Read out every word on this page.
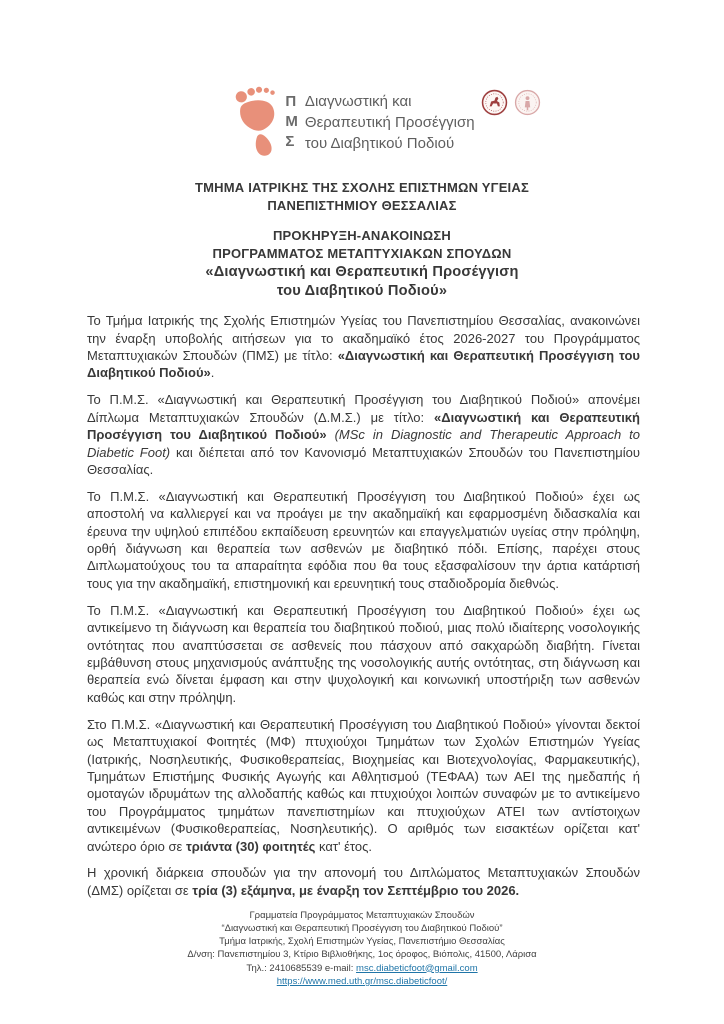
Π
Μ
Σ
Διαγνωστική και
Θεραπευτική Προσέγγιση
του Διαβητικού Ποδιού
ΤΜΗΜΑ ΙΑΤΡΙΚΗΣ ΤΗΣ ΣΧΟΛΗΣ ΕΠΙΣΤΗΜΩΝ ΥΓΕΙΑΣ
ΠΑΝΕΠΙΣΤΗΜΙΟΥ ΘΕΣΣΑΛΙΑΣ
ΠΡΟΚΗΡΥΞΗ-ΑΝΑΚΟΙΝΩΣΗ
ΠΡΟΓΡΑΜΜΑΤΟΣ ΜΕΤΑΠΤΥΧΙΑΚΩΝ ΣΠΟΥΔΩΝ
«Διαγνωστική και Θεραπευτική Προσέγγιση
του Διαβητικού Ποδιού»

Το Τμήμα Ιατρικής της Σχολής Επιστημών Υγείας του Πανεπιστημίου Θεσσαλίας, ανακοινώνει την έναρξη υποβολής αιτήσεων για το ακαδημαϊκό έτος 2026-2027 του Προγράμματος Μεταπτυχιακών Σπουδών (ΠΜΣ) με τίτλο: «Διαγνωστική και Θεραπευτική Προσέγγιση του Διαβητικού Ποδιού».

Το Π.Μ.Σ. «Διαγνωστική και Θεραπευτική Προσέγγιση του Διαβητικού Ποδιού» απονέμει Δίπλωμα Μεταπτυχιακών Σπουδών (Δ.Μ.Σ.) με τίτλο: «Διαγνωστική και Θεραπευτική Προσέγγιση του Διαβητικού Ποδιού» (MSc in Diagnostic and Therapeutic Approach to Diabetic Foot) και διέπεται από τον Κανονισμό Μεταπτυχιακών Σπουδών του Πανεπιστημίου Θεσσαλίας.

Το Π.Μ.Σ. «Διαγνωστική και Θεραπευτική Προσέγγιση του Διαβητικού Ποδιού» έχει ως αποστολή να καλλιεργεί και να προάγει με την ακαδημαϊκή και εφαρμοσμένη διδασκαλία και έρευνα την υψηλού επιπέδου εκπαίδευση ερευνητών και επαγγελματιών υγείας στην πρόληψη, ορθή διάγνωση και θεραπεία των ασθενών με διαβητικό πόδι. Επίσης, παρέχει στους Διπλωματούχους του τα απαραίτητα εφόδια που θα τους εξασφαλίσουν την άρτια κατάρτισή τους για την ακαδημαϊκή, επιστημονική και ερευνητική τους σταδιοδρομία διεθνώς.

Το Π.Μ.Σ. «Διαγνωστική και Θεραπευτική Προσέγγιση του Διαβητικού Ποδιού» έχει ως αντικείμενο τη διάγνωση και θεραπεία του διαβητικού ποδιού, μιας πολύ ιδιαίτερης νοσολογικής οντότητας που αναπτύσσεται σε ασθενείς που πάσχουν από σακχαρώδη διαβήτη. Γίνεται εμβάθυνση στους μηχανισμούς ανάπτυξης της νοσολογικής αυτής οντότητας, στη διάγνωση και θεραπεία ενώ δίνεται έμφαση και στην ψυχολογική και κοινωνική υποστήριξη των ασθενών καθώς και στην πρόληψη.

Στο Π.Μ.Σ. «Διαγνωστική και Θεραπευτική Προσέγγιση του Διαβητικού Ποδιού» γίνονται δεκτοί ως Μεταπτυχιακοί Φοιτητές (ΜΦ) πτυχιούχοι Τμημάτων των Σχολών Επιστημών Υγείας (Ιατρικής, Νοσηλευτικής, Φυσικοθεραπείας, Βιοχημείας και Βιοτεχνολογίας, Φαρμακευτικής), Τμημάτων Επιστήμης Φυσικής Αγωγής και Αθλητισμού (ΤΕΦΑΑ) των ΑΕΙ της ημεδαπής ή ομοταγών ιδρυμάτων της αλλοδαπής καθώς και πτυχιούχοι λοιπών συναφών με το αντικείμενο του Προγράμματος τμημάτων πανεπιστημίων και πτυχιούχων ΑΤΕΙ των αντίστοιχων αντικειμένων (Φυσικοθεραπείας, Νοσηλευτικής). Ο αριθμός των εισακτέων ορίζεται κατ' ανώτερο όριο σε τριάντα (30) φοιτητές κατ' έτος.

Η χρονική διάρκεια σπουδών για την απονομή του Διπλώματος Μεταπτυχιακών Σπουδών (ΔΜΣ) ορίζεται σε τρία (3) εξάμηνα, με έναρξη τον Σεπτέμβριο του 2026.

Γραμματεία Προγράμματος Μεταπτυχιακών Σπουδών
“Διαγνωστική και Θεραπευτική Προσέγγιση του Διαβητικού Ποδιού”
Τμήμα Ιατρικής, Σχολή Επιστημών Υγείας, Πανεπιστήμιο Θεσσαλίας
Δ/νση: Πανεπιστημίου 3, Κτίριο Βιβλιοθήκης, 1ος όροφος, Βιόπολις, 41500, Λάρισα
Τηλ.: 2410685539 e-mail: msc.diabeticfoot@gmail.com
https://www.med.uth.gr/msc.diabeticfoot/
